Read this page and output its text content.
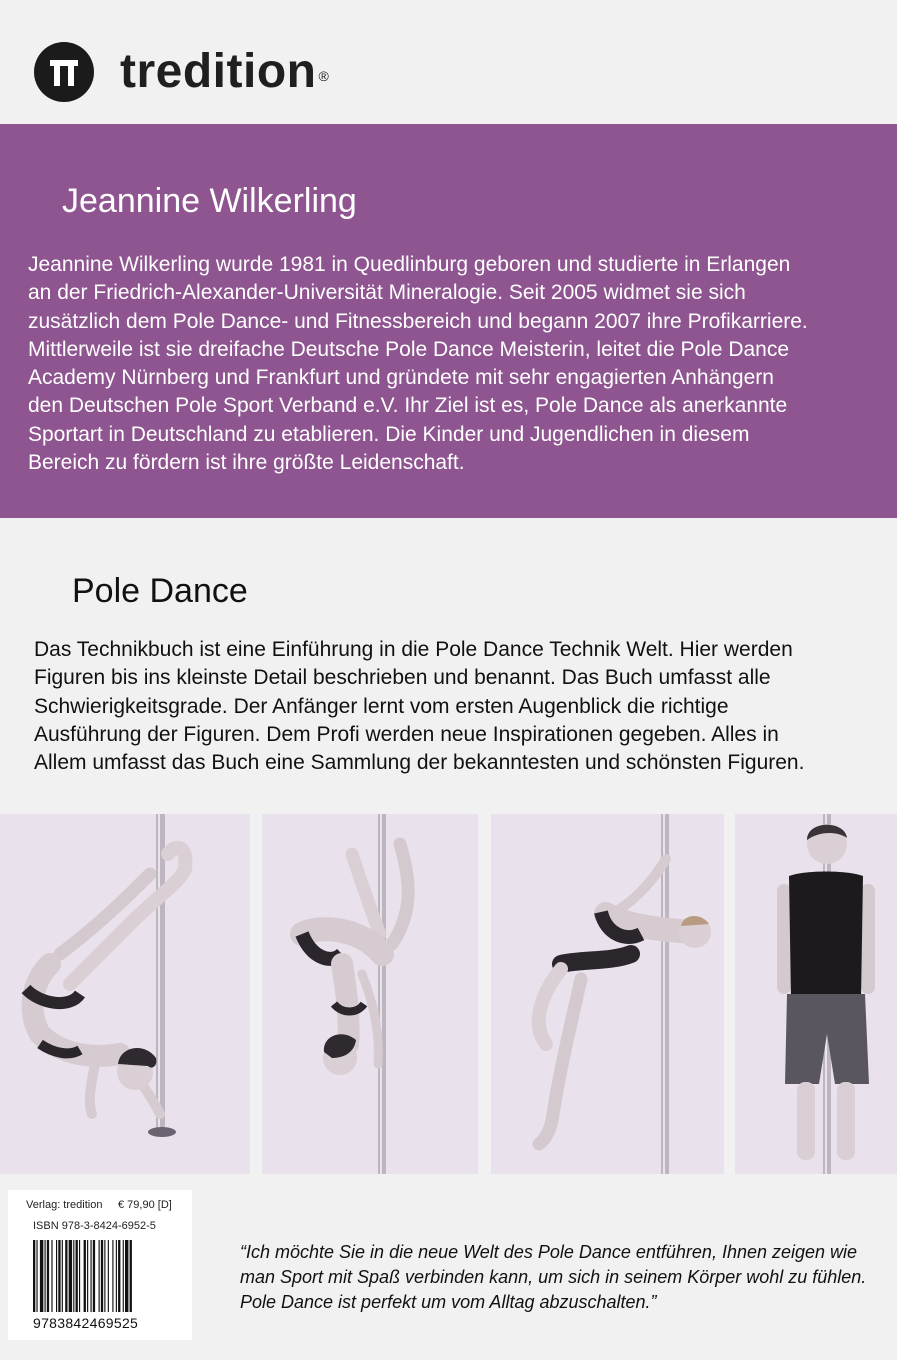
tredition ®
Jeannine Wilkerling
Jeannine Wilkerling wurde 1981 in Quedlinburg geboren und studierte in Erlangen
an der Friedrich-Alexander-Universität Mineralogie. Seit 2005 widmet sie sich
zusätzlich dem Pole Dance- und Fitnessbereich und begann 2007 ihre Profikarriere.
Mittlerweile ist sie dreifache Deutsche Pole Dance Meisterin, leitet die Pole Dance
Academy Nürnberg und Frankfurt und gründete mit sehr engagierten Anhängern
den Deutschen Pole Sport Verband e.V. Ihr Ziel ist es, Pole Dance als anerkannte
Sportart in Deutschland zu etablieren. Die Kinder und Jugendlichen in diesem
Bereich zu fördern ist ihre größte Leidenschaft.
Pole Dance
Das Technikbuch ist eine Einführung in die Pole Dance Technik Welt. Hier werden
Figuren bis ins kleinste Detail beschrieben und benannt. Das Buch umfasst alle
Schwierigkeitsgrade. Der Anfänger lernt vom ersten Augenblick die richtige
Ausführung der Figuren. Dem Profi werden neue Inspirationen gegeben. Alles in
Allem umfasst das Buch eine Sammlung der bekanntesten und schönsten Figuren.
Verlag: tredition € 79,90 [D]
ISBN 978-3-8424-6952-5
9783842469525
“Ich möchte Sie in die neue Welt des Pole Dance entführen, Ihnen zeigen wie
man Sport mit Spaß verbinden kann, um sich in seinem Körper wohl zu fühlen.
Pole Dance ist perfekt um vom Alltag abzuschalten.”
